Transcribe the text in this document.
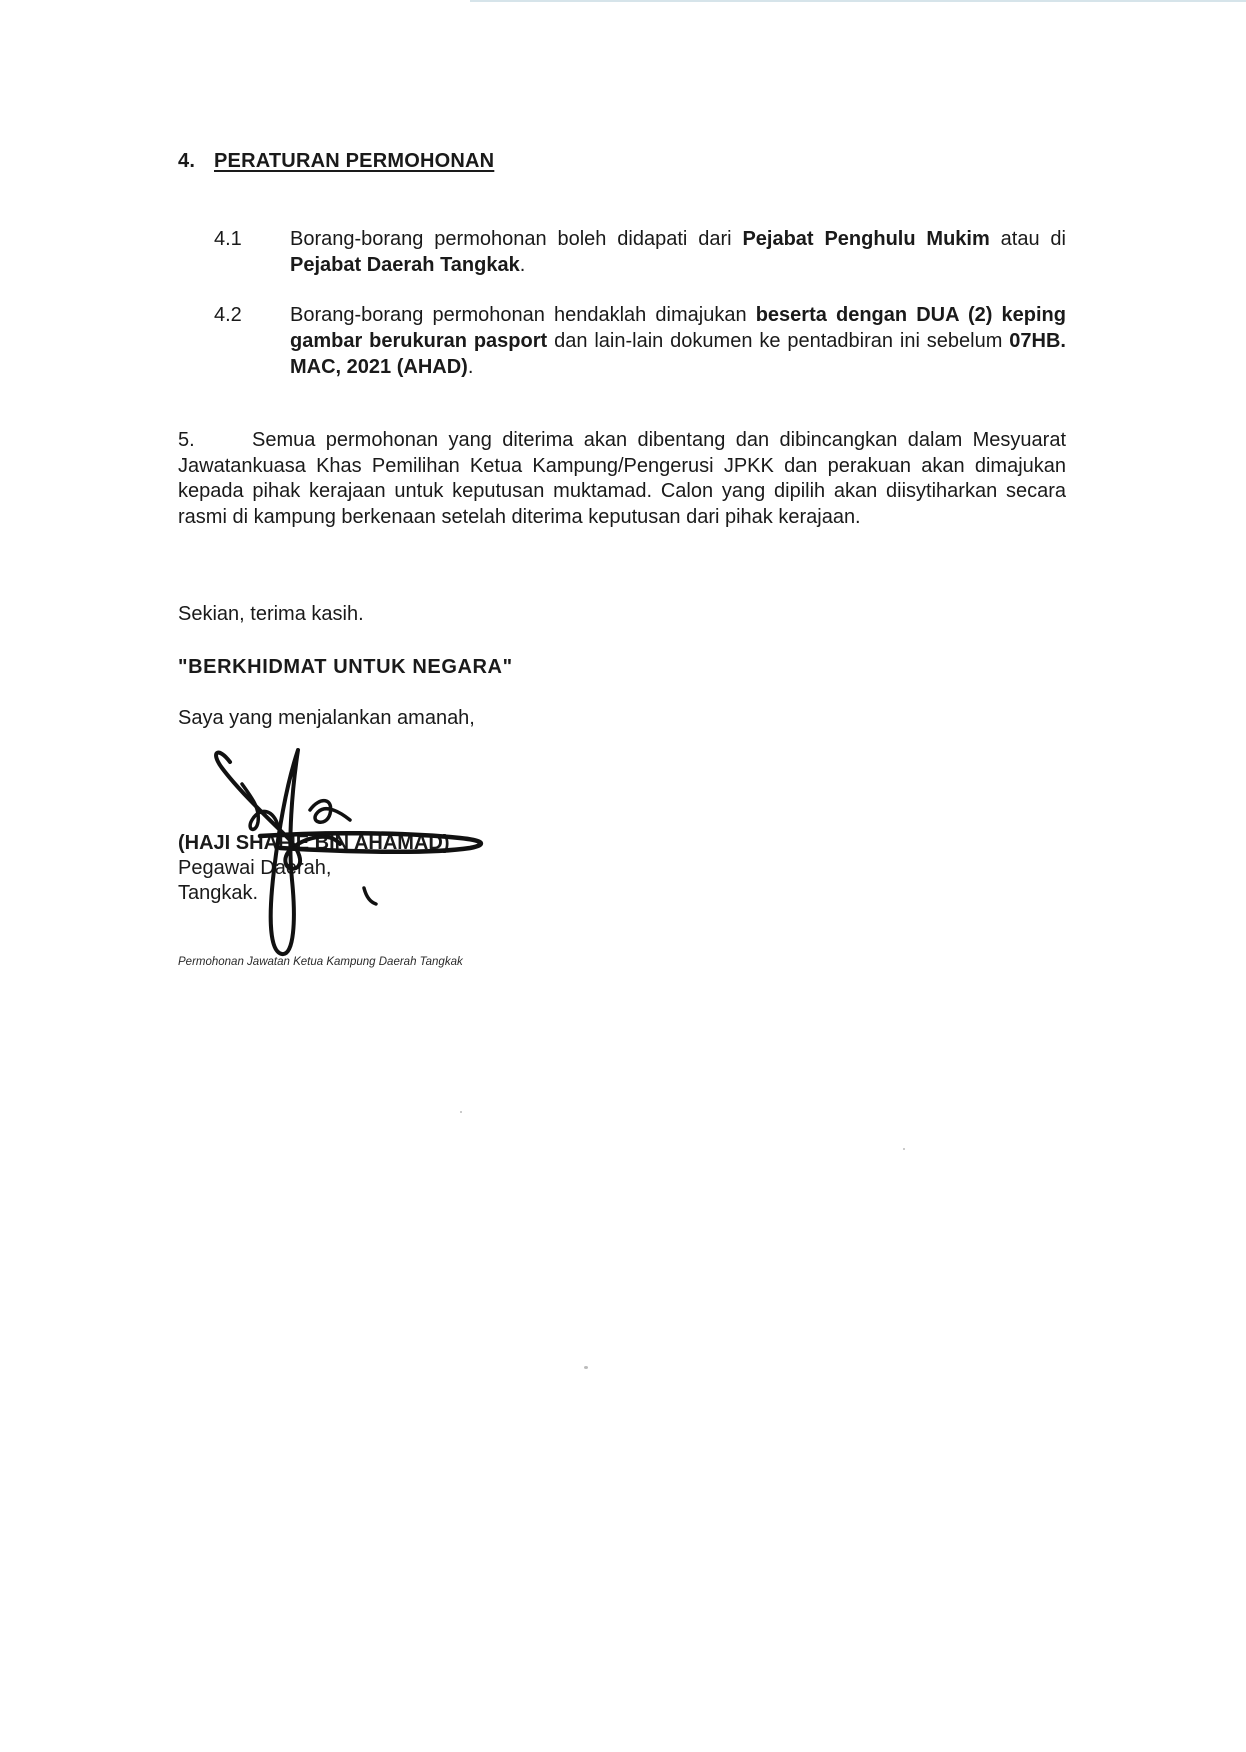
4. PERATURAN PERMOHONAN
4.1	Borang-borang permohonan boleh didapati dari Pejabat Penghulu Mukim atau di Pejabat Daerah Tangkak.
4.2	Borang-borang permohonan hendaklah dimajukan beserta dengan DUA (2) keping gambar berukuran pasport dan lain-lain dokumen ke pentadbiran ini sebelum 07HB. MAC, 2021 (AHAD).
5.	Semua permohonan yang diterima akan dibentang dan dibincangkan dalam Mesyuarat Jawatankuasa Khas Pemilihan Ketua Kampung/Pengerusi JPKK dan perakuan akan dimajukan kepada pihak kerajaan untuk keputusan muktamad. Calon yang dipilih akan diisytiharkan secara rasmi di kampung berkenaan setelah diterima keputusan dari pihak kerajaan.
Sekian, terima kasih.
"BERKHIDMAT UNTUK NEGARA"
Saya yang menjalankan amanah,
(HAJI SHAFIE BIN AHAMAD)
Pegawai Daerah,
Tangkak.
Permohonan Jawatan Ketua Kampung Daerah Tangkak
